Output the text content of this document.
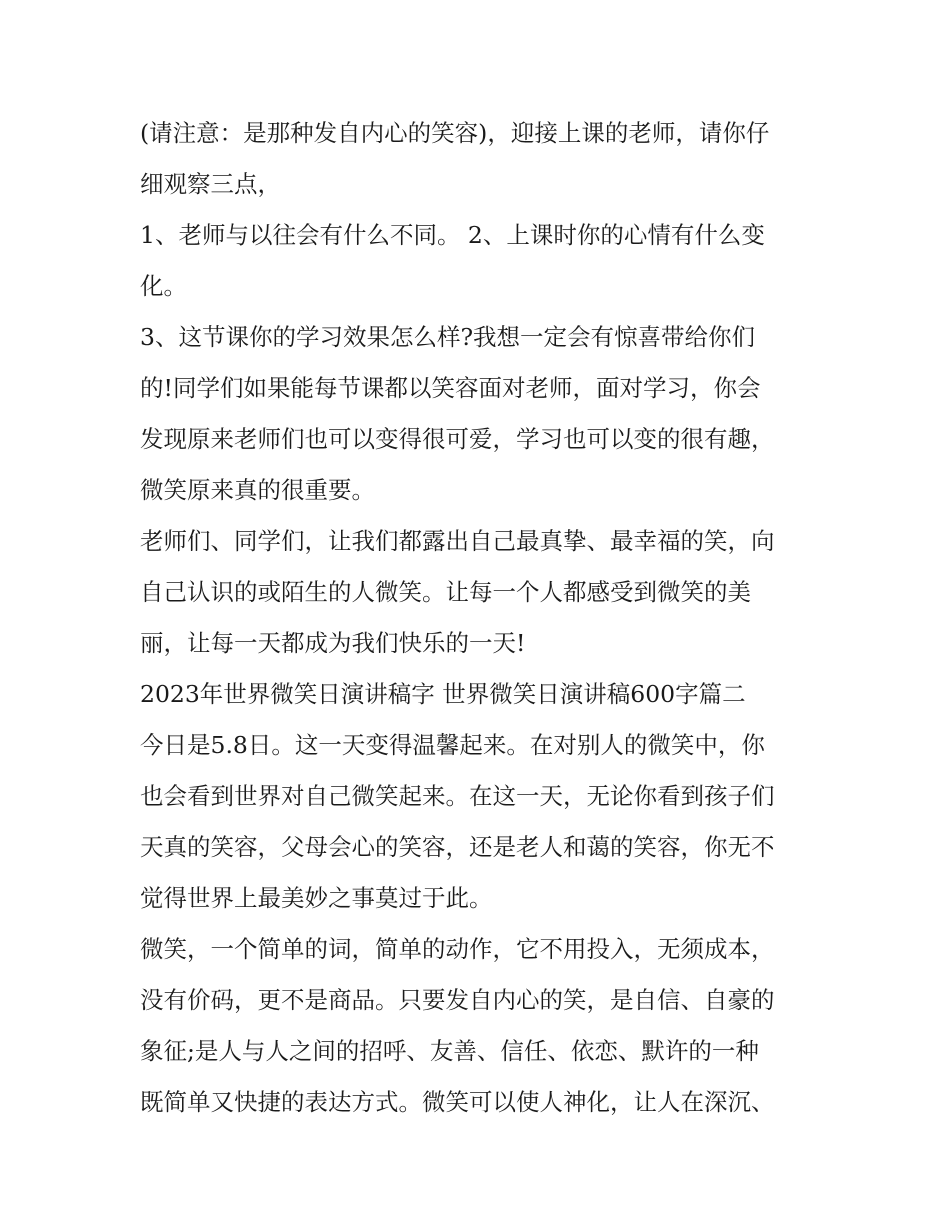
(请注意：是那种发自内心的笑容)，迎接上课的老师，请你仔
细观察三点，
1、老师与以往会有什么不同。 2、上课时你的心情有什么变
化。
3、这节课你的学习效果怎么样?我想一定会有惊喜带给你们
的!同学们如果能每节课都以笑容面对老师，面对学习，你会
发现原来老师们也可以变得很可爱，学习也可以变的很有趣，
微笑原来真的很重要。
老师们、同学们，让我们都露出自己最真挚、最幸福的笑，向
自己认识的或陌生的人微笑。让每一个人都感受到微笑的美
丽，让每一天都成为我们快乐的一天!
2023年世界微笑日演讲稿字 世界微笑日演讲稿600字篇二
今日是5.8日。这一天变得温馨起来。在对别人的微笑中，你
也会看到世界对自己微笑起来。在这一天，无论你看到孩子们
天真的笑容，父母会心的笑容，还是老人和蔼的笑容，你无不
觉得世界上最美妙之事莫过于此。
微笑，一个简单的词，简单的动作，它不用投入，无须成本，
没有价码，更不是商品。只要发自内心的笑，是自信、自豪的
象征;是人与人之间的招呼、友善、信任、依恋、默许的一种
既简单又快捷的表达方式。微笑可以使人神化，让人在深沉、
